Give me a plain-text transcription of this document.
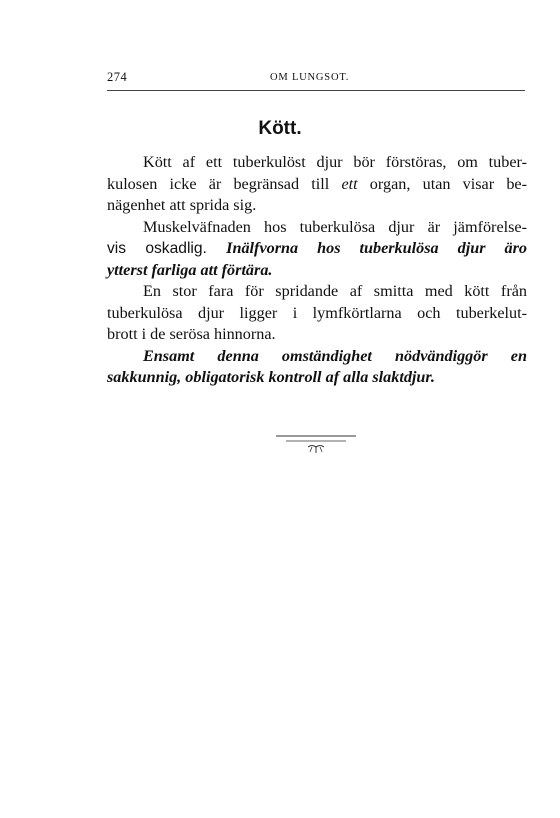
274	OM LUNGSOT.
Kött.
Kött af ett tuberkulöst djur bör förstöras, om tuber-
kulosen icke är begränsad till ett organ, utan visar be-
nägenhet att sprida sig.
Muskelväfnaden hos tuberkulösa djur är jämförelse-
vis oskadlig. Inälfvorna hos tuberkulösa djur äro
ytterst farliga att förtära.
En stor fara för spridande af smitta med kött från
tuberkulösa djur ligger i lymfkörtlarna och tuberkelut-
brott i de serösa hinnorna.
Ensamt denna omständighet nödvändiggör en
sakkunnig, obligatorisk kontroll af alla slaktdjur.
